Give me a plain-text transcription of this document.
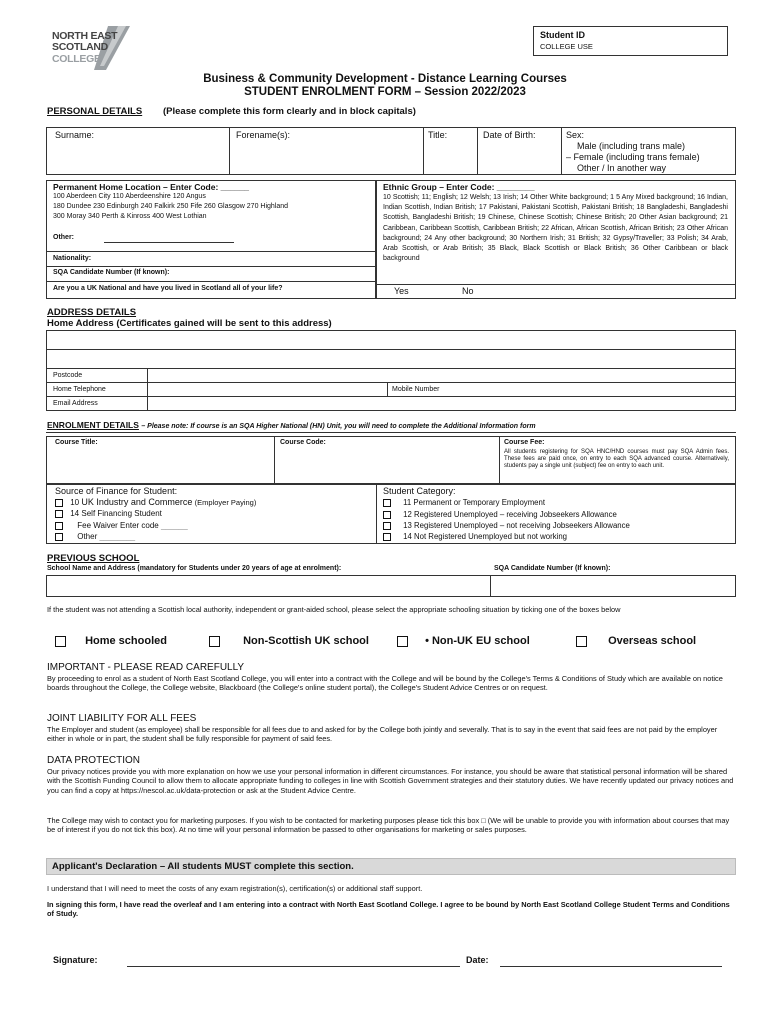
NORTH EAST
SCOTLAND
COLLEGE
Student ID
COLLEGE USE
Business & Community Development - Distance Learning Courses
STUDENT ENROLMENT FORM – Session 2022/2023
PERSONAL DETAILS (Please complete this form clearly and in block capitals)
Surname:	Forename(s):	Title:	Date of Birth:	Sex:
Male (including trans male)
– Female (including trans female)
Other / In another way
Permanent Home Location – Enter Code: ______
100 Aberdeen City 110 Aberdeenshire 120 Angus
180 Dundee 230 Edinburgh 240 Falkirk 250 Fife 260 Glasgow 270 Highland
300 Moray 340 Perth & Kinross 400 West Lothian
Other:
Nationality:
SQA Candidate Number (If known):
Are you a UK National and have you lived in Scotland all of your life?
Ethnic Group – Enter Code: ________
10 Scottish; 11; English; 12 Welsh; 13 Irish; 14 Other White background; 1 5 Any Mixed background; 16 Indian, Indian Scottish, Indian British; 17 Pakistani, Pakistani Scottish, Pakistani British; 18 Bangladeshi, Bangladeshi Scottish, Bangladeshi British; 19 Chinese, Chinese Scottish; Chinese British; 20 Other Asian background; 21 Caribbean, Caribbean Scottish, Caribbean British; 22 African, African Scottish, African British; 23 Other African background; 24 Any other background; 30 Northern Irish; 31 British; 32 Gypsy/Traveller; 33 Polish; 34 Arab, Arab Scottish, or Arab British; 35 Black, Black Scottish or Black British; 36 Other Caribbean or black background
Yes	No
ADDRESS DETAILS
Home Address (Certificates gained will be sent to this address)
Postcode
Home Telephone	Mobile Number
Email Address
ENROLMENT DETAILS – Please note: If course is an SQA Higher National (HN) Unit, you will need to complete the Additional Information form
Course Title:	Course Code:	Course Fee:
All students registering for SQA HNC/HND courses must pay SQA Admin fees. These fees are paid once, on entry to each SQA advanced course. Alternatively, students pay a single unit (subject) fee on entry to each unit.
Source of Finance for Student:
10 UK Industry and Commerce (Employer Paying)
14 Self Financing Student
Fee Waiver Enter code ______
Other ________
Student Category:
11 Permanent or Temporary Employment
12 Registered Unemployed – receiving Jobseekers Allowance
13 Registered Unemployed – not receiving Jobseekers Allowance
14 Not Registered Unemployed but not working
PREVIOUS SCHOOL
School Name and Address (mandatory for Students under 20 years of age at enrolment):	SQA Candidate Number (If known):
If the student was not attending a Scottish local authority, independent or grant-aided school, please select the appropriate schooling situation by ticking one of the boxes below
Home schooled	Non-Scottish UK school	• Non-UK EU school	Overseas school
IMPORTANT - PLEASE READ CAREFULLY
By proceeding to enrol as a student of North East Scotland College, you will enter into a contract with the College and will be bound by the College's Terms & Conditions of Study which are available on notice boards throughout the College, the College website, Blackboard (the College's online student portal), the College's Student Advice Centres or on request.
JOINT LIABILITY FOR ALL FEES
The Employer and student (as employee) shall be responsible for all fees due to and asked for by the College both jointly and severally. That is to say in the event that said fees are not paid by the employer either in whole or in part, the student shall be fully responsible for payment of said fees.
DATA PROTECTION
Our privacy notices provide you with more explanation on how we use your personal information in different circumstances. For instance, you should be aware that statistical personal information will be shared with the Scottish Funding Council to allow them to allocate appropriate funding to colleges in line with Scottish Government strategies and their statutory duties. We have recently updated our privacy notices and you can find a copy at https://nescol.ac.uk/data-protection or ask at the Student Advice Centre.
The College may wish to contact you for marketing purposes. If you wish to be contacted for marketing purposes please tick this box □ (We will be unable to provide you with information about courses that may be of interest if you do not tick this box). At no time will your personal information be passed to other organisations for marketing or sales purposes.
Applicant's Declaration – All students MUST complete this section.
I understand that I will need to meet the costs of any exam registration(s), certification(s) or additional staff support.
In signing this form, I have read the overleaf and I am entering into a contract with North East Scotland College. I agree to be bound by North East Scotland College Student Terms and Conditions of Study.
Signature:	Date:
